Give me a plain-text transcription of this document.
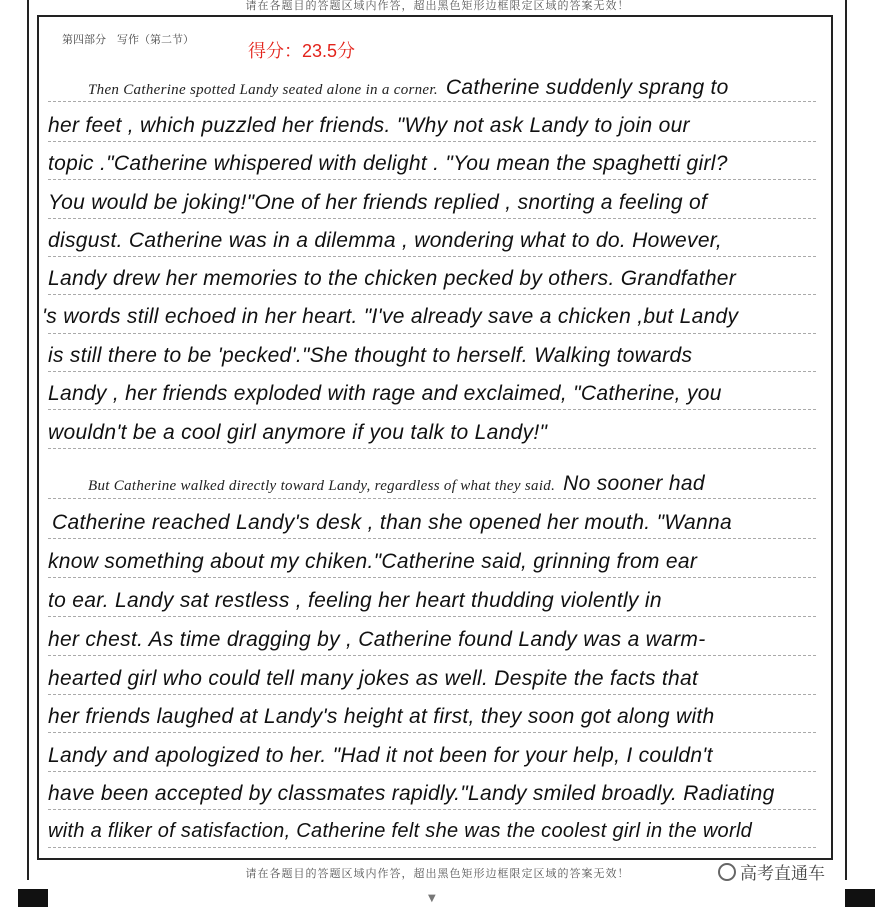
请在各题目的答题区域内作答，超出黑色矩形边框限定区域的答案无效！
第四部分　写作（第二节）
得分：23.5分
Then Catherine spotted Landy seated alone in a corner. Catherine suddenly sprang to
her feet , which puzzled her friends. "Why not ask Landy to join our
topic ."Catherine whispered with delight . "You mean the spaghetti girl?
You would be joking!"One of her friends replied , snorting a feeling of
disgust. Catherine was in a dilemma , wondering what to do. However,
Landy drew her memories to the chicken pecked by others. Grandfather
's words still echoed in her heart. "I've already save a chicken ,but Landy
is still there to be 'pecked'."She thought to herself. Walking towards
Landy , her friends exploded with rage and exclaimed, "Catherine, you
wouldn't be a cool girl anymore if you talk to Landy!"
But Catherine walked directly toward Landy, regardless of what they said. No sooner had
Catherine reached Landy's desk , than she opened her mouth. "Wanna
know something about my chiken."Catherine said, grinning from ear
to ear. Landy sat restless , feeling her heart thudding violently in
her chest. As time dragging by , Catherine found Landy was a warm-
hearted girl who could tell many jokes as well. Despite the facts that
her friends laughed at Landy's height at first, they soon got along with
Landy and apologized to her. "Had it not been for your help, I couldn't
have been accepted by classmates rapidly."Landy smiled broadly. Radiating
with a fliker of satisfaction, Catherine felt she was the coolest girl in the world
请在各题目的答题区域内作答，超出黑色矩形边框限定区域的答案无效！	高考直通车
▼
